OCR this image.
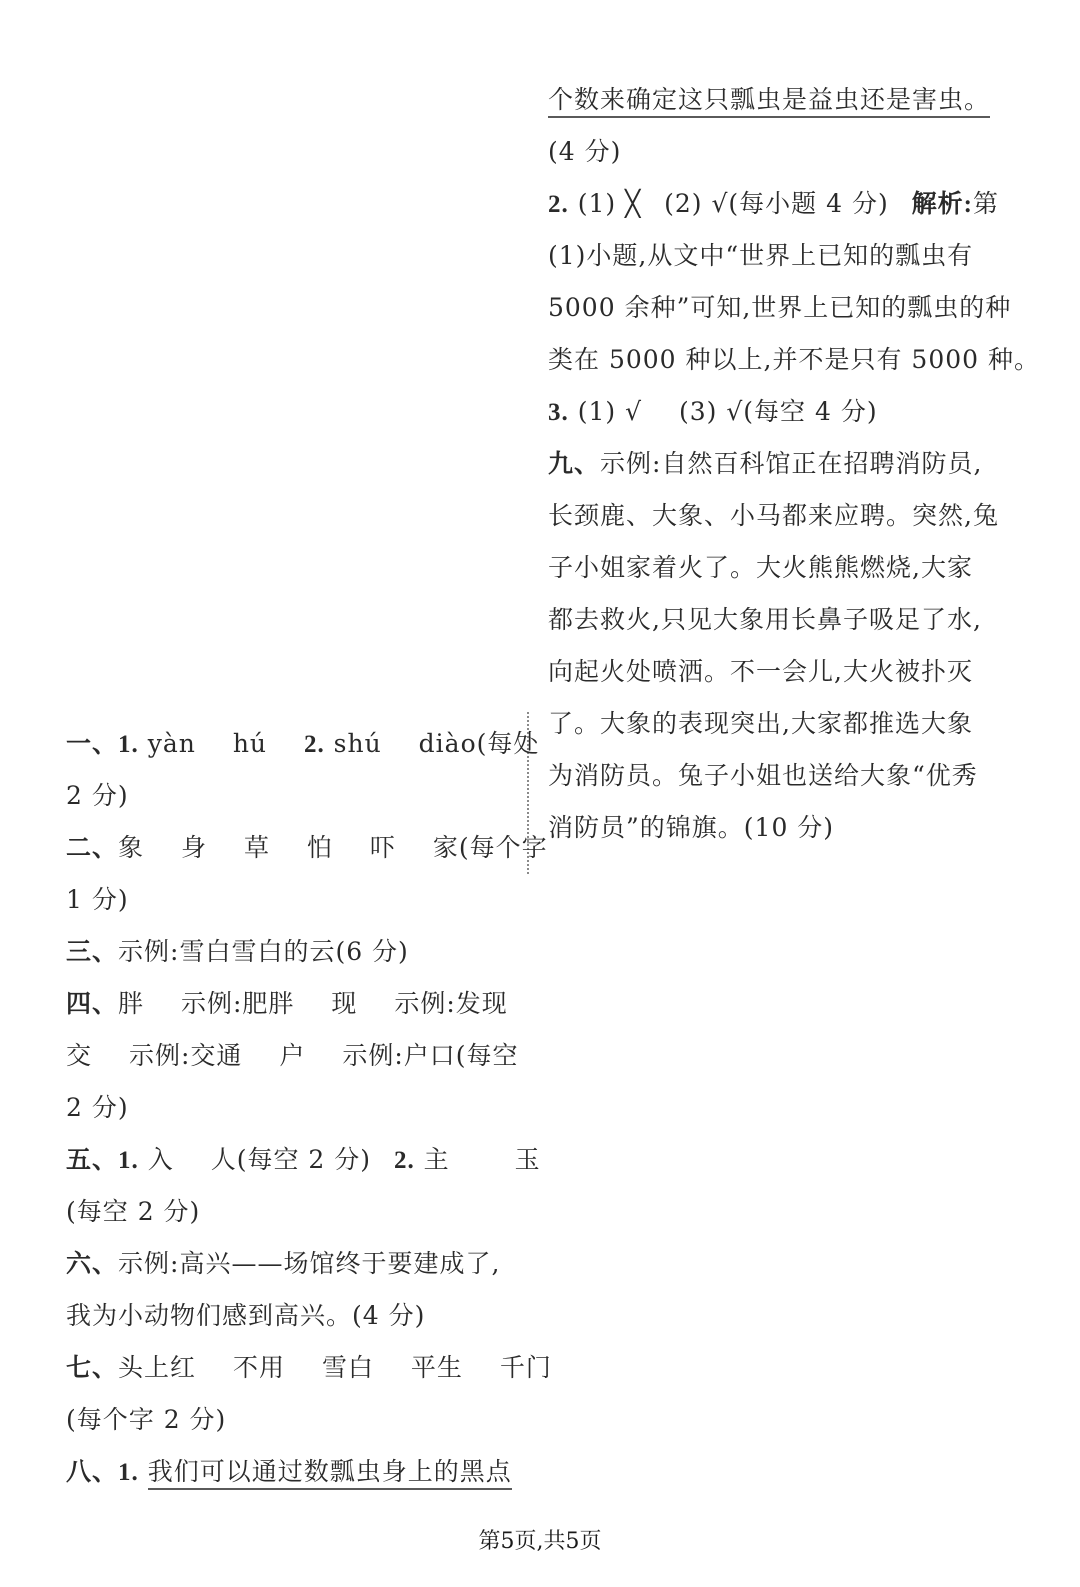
个数来确定这只瓢虫是益虫还是害虫。
(4 分)
2. (1) ╳ (2) √(每小题 4 分) 解析:第
(1)小题,从文中“世界上已知的瓢虫有
5000 余种”可知,世界上已知的瓢虫的种
类在 5000 种以上,并不是只有 5000 种。
3. (1) √ (3) √(每空 4 分)
九、示例:自然百科馆正在招聘消防员,
长颈鹿、大象、小马都来应聘。突然,兔
子小姐家着火了。大火熊熊燃烧,大家
都去救火,只见大象用长鼻子吸足了水,
向起火处喷洒。不一会儿,大火被扑灭
了。大象的表现突出,大家都推选大象
为消防员。兔子小姐也送给大象“优秀
消防员”的锦旗。(10 分)
一、1. yàn hú 2. shú diào(每处
2 分)
二、象 身 草 怕 吓 家(每个字
1 分)
三、示例:雪白雪白的云(6 分)
四、胖 示例:肥胖 现 示例:发现
交 示例:交通 户 示例:户口(每空
2 分)
五、1. 入 人(每空 2 分) 2. 主	玉
(每空 2 分)
六、示例:高兴——场馆终于要建成了,
我为小动物们感到高兴。(4 分)
七、头上红 不用 雪白 平生 千门
(每个字 2 分)
八、1. 我们可以通过数瓢虫身上的黑点
第5页,共5页
